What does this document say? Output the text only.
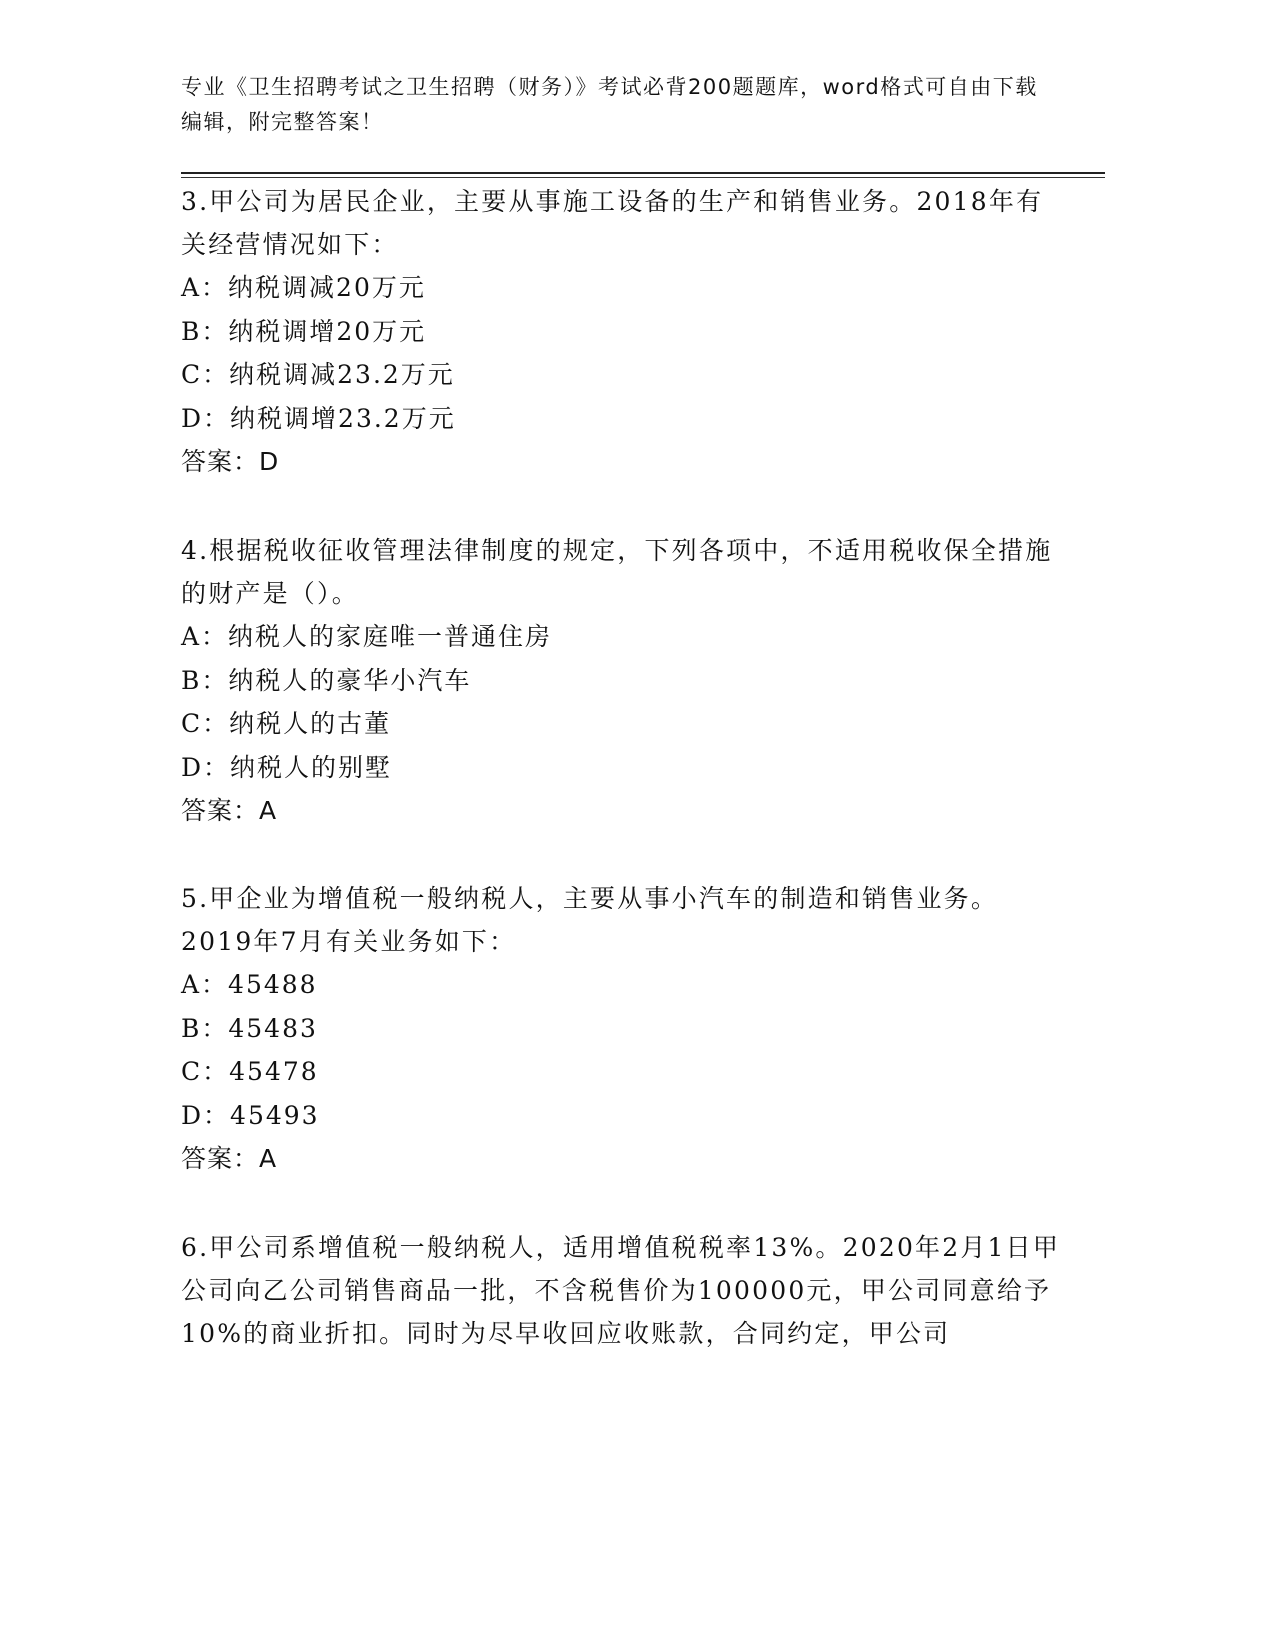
专业《卫生招聘考试之卫生招聘（财务）》考试必背200题题库，word格式可自由下载编辑，附完整答案！

3.甲公司为居民企业，主要从事施工设备的生产和销售业务。2018年有关经营情况如下：

A：纳税调减20万元

B：纳税调增20万元

C：纳税调减23.2万元

D：纳税调增23.2万元

答案：D

4.根据税收征收管理法律制度的规定，下列各项中，不适用税收保全措施的财产是（）。

A：纳税人的家庭唯一普通住房

B：纳税人的豪华小汽车

C：纳税人的古董

D：纳税人的别墅

答案：A

5.甲企业为增值税一般纳税人，主要从事小汽车的制造和销售业务。2019年7月有关业务如下：

A：45488

B：45483

C：45478

D：45493

答案：A

6.甲公司系增值税一般纳税人，适用增值税税率13%。2020年2月1日甲公司向乙公司销售商品一批，不含税售价为100000元，甲公司同意给予10%的商业折扣。同时为尽早收回应收账款，合同约定，甲公司
